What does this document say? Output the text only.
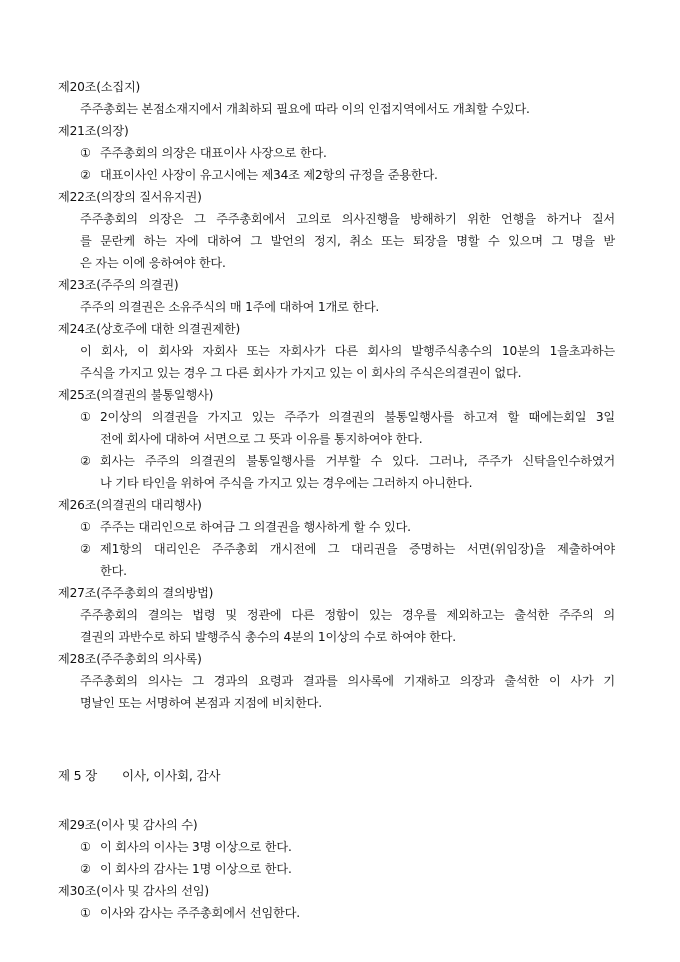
제20조(소집지)
주주총회는 본점소재지에서 개최하되 필요에 따라 이의 인접지역에서도 개최할 수있다.
제21조(의장)
① 주주총회의 의장은 대표이사 사장으로 한다.
② 대표이사인 사장이 유고시에는 제34조 제2항의 규정을 준용한다.
제22조(의장의 질서유지권)
주주총회의 의장은 그 주주총회에서 고의로 의사진행을 방해하기 위한 언행을 하거나 질서
를 문란케 하는 자에 대하여 그 발언의 정지, 취소 또는 퇴장을 명할 수 있으며 그 명을 받
은 자는 이에 응하여야 한다.
제23조(주주의 의결권)
주주의 의결권은 소유주식의 매 1주에 대하여 1개로 한다.
제24조(상호주에 대한 의결권제한)
이 회사, 이 회사와 자회사 또는 자회사가 다른 회사의 발행주식총수의 10분의 1을초과하는
주식을 가지고 있는 경우 그 다른 회사가 가지고 있는 이 회사의 주식은의결권이 없다.
제25조(의결권의 불통일행사)
① 2이상의 의결권을 가지고 있는 주주가 의결권의 불통일행사를 하고져 할 때에는회일 3일
전에 회사에 대하여 서면으로 그 뜻과 이유를 통지하여야 한다.
② 회사는 주주의 의결권의 불통일행사를 거부할 수 있다. 그러나, 주주가 신탁을인수하였거
나 기타 타인을 위하여 주식을 가지고 있는 경우에는 그러하지 아니한다.
제26조(의결권의 대리행사)
① 주주는 대리인으로 하여금 그 의결권을 행사하게 할 수 있다.
② 제1항의 대리인은 주주총회 개시전에 그 대리권을 증명하는 서면(위임장)을 제출하여야
한다.
제27조(주주총회의 결의방법)
주주총회의 결의는 법령 및 정관에 다른 정함이 있는 경우를 제외하고는 출석한 주주의 의
결권의 과반수로 하되 발행주식 총수의 4분의 1이상의 수로 하여야 한다.
제28조(주주총회의 의사록)
주주총회의 의사는 그 경과의 요령과 결과를 의사록에 기재하고 의장과 출석한 이 사가 기
명날인 또는 서명하여 본점과 지점에 비치한다.
제 5 장 이사, 이사회, 감사
제29조(이사 및 감사의 수)
① 이 회사의 이사는 3명 이상으로 한다.
② 이 회사의 감사는 1명 이상으로 한다.
제30조(이사 및 감사의 선임)
① 이사와 감사는 주주총회에서 선임한다.
